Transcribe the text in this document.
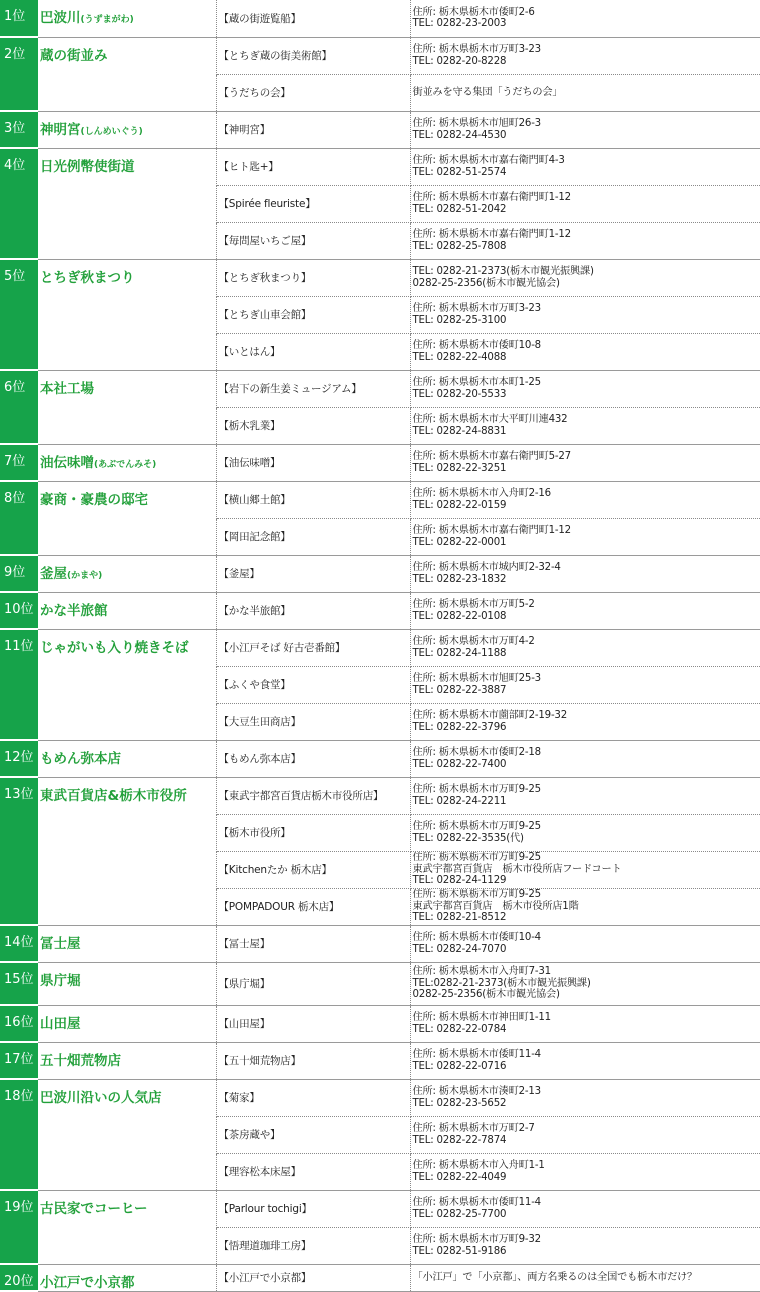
1位	巴波川(うずまがわ)	【蔵の街遊覧船】	住所: 栃木県栃木市倭町2-6
TEL: 0282-23-2003

2位	蔵の街並み	【とちぎ蔵の街美術館】	住所: 栃木県栃木市万町3-23
TEL: 0282-20-8228

		【うだちの会】	街並みを守る集団「うだちの会」

3位	神明宮(しんめいぐう)	【神明宮】	住所: 栃木県栃木市旭町26-3
TEL: 0282-24-4530

4位	日光例幣使街道	【ヒト匙+】	住所: 栃木県栃木市嘉右衛門町4-3
TEL: 0282-51-2574

		【Spirée fleuriste】	住所: 栃木県栃木市嘉右衛門町1-12
TEL: 0282-51-2042

		【毎問屋いちご屋】	住所: 栃木県栃木市嘉右衛門町1-12
TEL: 0282-25-7808

5位	とちぎ秋まつり	【とちぎ秋まつり】	TEL: 0282-21-2373(栃木市観光振興課)
0282-25-2356(栃木市観光協会)

		【とちぎ山車会館】	住所: 栃木県栃木市万町3-23
TEL: 0282-25-3100

		【いとはん】	住所: 栃木県栃木市倭町10-8
TEL: 0282-22-4088

6位	本社工場	【岩下の新生姜ミュージアム】	住所: 栃木県栃木市本町1-25
TEL: 0282-20-5533

		【栃木乳業】	住所: 栃木県栃木市大平町川連432
TEL: 0282-24-8831

7位	油伝味噌(あぶでんみそ)	【油伝味噌】	住所: 栃木県栃木市嘉右衛門町5-27
TEL: 0282-22-3251

8位	豪商・豪農の邸宅	【横山郷土館】	住所: 栃木県栃木市入舟町2-16
TEL: 0282-22-0159

		【岡田記念館】	住所: 栃木県栃木市嘉右衛門町1-12
TEL: 0282-22-0001

9位	釜屋(かまや)	【釜屋】	住所: 栃木県栃木市城内町2-32-4
TEL: 0282-23-1832

10位	かな半旅館	【かな半旅館】	住所: 栃木県栃木市万町5-2
TEL: 0282-22-0108

11位	じゃがいも入り焼きそば	【小江戸そば 好古壱番館】	住所: 栃木県栃木市万町4-2
TEL: 0282-24-1188

		【ふくや食堂】	住所: 栃木県栃木市旭町25-3
TEL: 0282-22-3887

		【大豆生田商店】	住所: 栃木県栃木市薗部町2-19-32
TEL: 0282-22-3796

12位	もめん弥本店	【もめん弥本店】	住所: 栃木県栃木市倭町2-18
TEL: 0282-22-7400

13位	東武百貨店&栃木市役所	【東武宇都宮百貨店栃木市役所店】	住所: 栃木県栃木市万町9-25
TEL: 0282-24-2211

		【栃木市役所】	住所: 栃木県栃木市万町9-25
TEL: 0282-22-3535(代)

		【Kitchenたか 栃木店】	住所: 栃木県栃木市万町9-25
東武宇都宮百貨店　栃木市役所店フードコート
TEL: 0282-24-1129

		【POMPADOUR 栃木店】	住所: 栃木県栃木市万町9-25
東武宇都宮百貨店　栃木市役所店1階
TEL: 0282-21-8512

14位	冨士屋	【冨士屋】	住所: 栃木県栃木市倭町10-4
TEL: 0282-24-7070

15位	県庁堀	【県庁堀】	住所: 栃木県栃木市入舟町7-31
TEL:0282-21-2373(栃木市観光振興課)
0282-25-2356(栃木市観光協会)

16位	山田屋	【山田屋】	住所: 栃木県栃木市神田町1-11
TEL: 0282-22-0784

17位	五十畑荒物店	【五十畑荒物店】	住所: 栃木県栃木市倭町11-4
TEL: 0282-22-0716

18位	巴波川沿いの人気店	【菊家】	住所: 栃木県栃木市湊町2-13
TEL: 0282-23-5652

		【茶房蔵や】	住所: 栃木県栃木市万町2-7
TEL: 0282-22-7874

		【理容松本床屋】	住所: 栃木県栃木市入舟町1-1
TEL: 0282-22-4049

19位	古民家でコーヒー	【Parlour tochigi】	住所: 栃木県栃木市倭町11-4
TEL: 0282-25-7700

		【悟理道珈琲工房】	住所: 栃木県栃木市万町9-32
TEL: 0282-51-9186

20位	小江戸で小京都	【小江戸で小京都】	「小江戸」で「小京都」、両方名乗るのは全国でも栃木市だけ？
